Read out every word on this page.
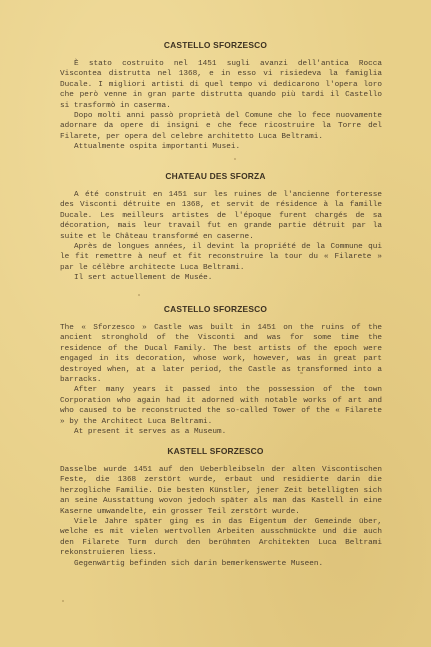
CASTELLO SFORZESCO

È stato costruito nel 1451 sugli avanzi dell'antica Rocca Viscontea distrutta nel 1368, e in esso vi risiedeva la famiglia Ducale. I migliori artisti di quel tempo vi dedicarono l'opera loro che però venne in gran parte distrutta quando più tardi il Castello si trasformò in caserma.

Dopo molti anni passò proprietà del Comune che lo fece nuovamente adornare da opere di insigni e che fece ricostruire la Torre del Filarete, per opera del celebre architetto Luca Beltrami.

Attualmente ospita importanti Musei.

CHATEAU DES SFORZA

A été construit en 1451 sur les ruines de l'ancienne forteresse des Visconti détruite en 1368, et servit de résidence à la famille Ducale. Les meilleurs artistes de l'époque furent chargés de sa décoration, mais leur travail fut en grande partie détruit par la suite et le Château transformé en caserne.

Après de longues années, il devint la propriété de la Commune qui le fit remettre à neuf et fit reconstruire la tour du « Filarete » par le célèbre architecte Luca Beltrami.

Il sert actuellement de Musée.

CASTELLO SFORZESCO

The « Sforzesco » Castle was built in 1451 on the ruins of the ancient stronghold of the Visconti and was for some time the residence of the Ducal Family. The best artists of the epoch were engaged in its decoration, whose work, however, was in great part destroyed when, at a later period, the Castle as transformed into a barracks.

After many years it passed into the possession of the town Corporation who again had it adorned with notable works of art and who caused to be reconstructed the so-called Tower of the « Filarete » by the Architect Luca Beltrami.

At present it serves as a Museum.

KASTELL SFORZESCO

Dasselbe wurde 1451 auf den Ueberbleibseln der alten Viscontischen Feste, die 1368 zerstört wurde, erbaut und residierte darin die herzogliche Familie. Die besten Künstler, jener Zeit betelligten sich an seine Ausstattung wovon jedoch später als man das Kastell in eine Kaserne umwandelte, ein grosser Teil zerstört wurde.

Viele Jahre später ging es in das Eigentum der Gemeinde über, welche es mit vielen wertvollen Arbeiten ausschmückte und die auch den Filarete Turm durch den berühmten Architekten Luca Beltrami rekonstruieren liess.

Gegenwärtig befinden sich darin bemerkenswerte Museen.
